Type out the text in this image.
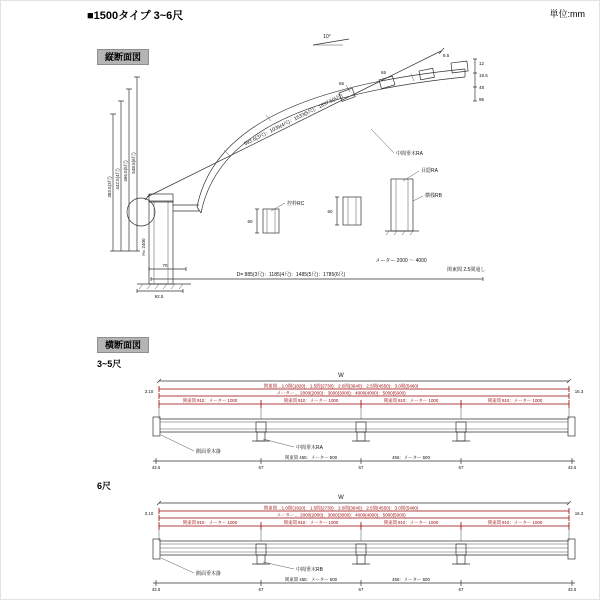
■1500タイプ 3~6尺	単位:mm
縦断面図
10°
593.6(3尺)：1036(4尺)：1533(5尺)：1837.5(6尺)
383.5(3尺) 442.5(4尺) 466.5(5尺) 548.5(6尺)
H= 2400
60
60
控枠RC
目隠RA
横桟RB
中間垂木RA
65
65
12
19.5
48
95
8.5
70
92.5
D= 885(3尺)：1185(4尺)：1485(5尺)：1785(6尺)
メーター 2000 〜 4000
関東間 2.5間通し
横断面図
3~5尺
W
関東間…1.0間(1820)：1.5間(2730)：2.0間(3640)：2.5間(4550)：3.0間(5460)
メーター… 2000(2000)：3000(3000)：4000(4000)：5000(5000)
関東間 910：メーター 1000	関東間 910：メーター 1000	関東間 910：メーター 1000	関東間 910：メーター 1000
3.10	16.3
側面垂木掛
中間垂木RA
43.5	43.5
67	67	67
関東間 455：メーター 500	455：メーター 500
6尺
W
関東間…1.0間(1820)：1.5間(2730)：2.0間(3640)：2.5間(4550)：3.0間(5460)
メーター… 2000(2000)：3000(3000)：4000(4000)：5000(5000)
関東間 910：メーター 1000	関東間 910：メーター 1000	関東間 910：メーター 1000	関東間 910：メーター 1000
3.10	16.3
側面垂木掛
中間垂木RB
43.5	43.5
67	67	67
関東間 455：メーター 500	455：メーター 500
